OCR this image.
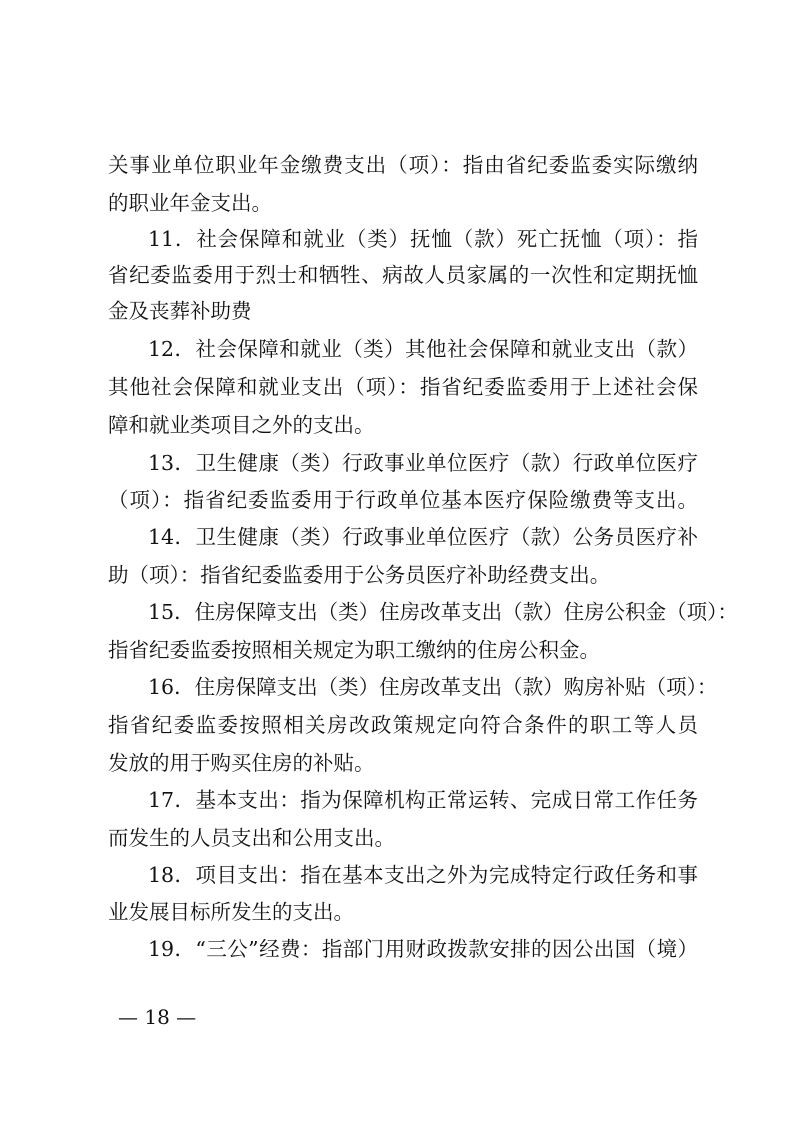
关事业单位职业年金缴费支出（项）：指由省纪委监委实际缴纳
的职业年金支出。
11．社会保障和就业（类）抚恤（款）死亡抚恤（项）：指
省纪委监委用于烈士和牺牲、病故人员家属的一次性和定期抚恤
金及丧葬补助费
12．社会保障和就业（类）其他社会保障和就业支出（款）
其他社会保障和就业支出（项）：指省纪委监委用于上述社会保
障和就业类项目之外的支出。
13．卫生健康（类）行政事业单位医疗（款）行政单位医疗
（项）：指省纪委监委用于行政单位基本医疗保险缴费等支出。
14．卫生健康（类）行政事业单位医疗（款）公务员医疗补
助（项）：指省纪委监委用于公务员医疗补助经费支出。
15．住房保障支出（类）住房改革支出（款）住房公积金（项）：
指省纪委监委按照相关规定为职工缴纳的住房公积金。
16．住房保障支出（类）住房改革支出（款）购房补贴（项）：
指省纪委监委按照相关房改政策规定向符合条件的职工等人员
发放的用于购买住房的补贴。
17．基本支出：指为保障机构正常运转、完成日常工作任务
而发生的人员支出和公用支出。
18．项目支出：指在基本支出之外为完成特定行政任务和事
业发展目标所发生的支出。
19．“三公”经费：指部门用财政拨款安排的因公出国（境）
— 18 —
